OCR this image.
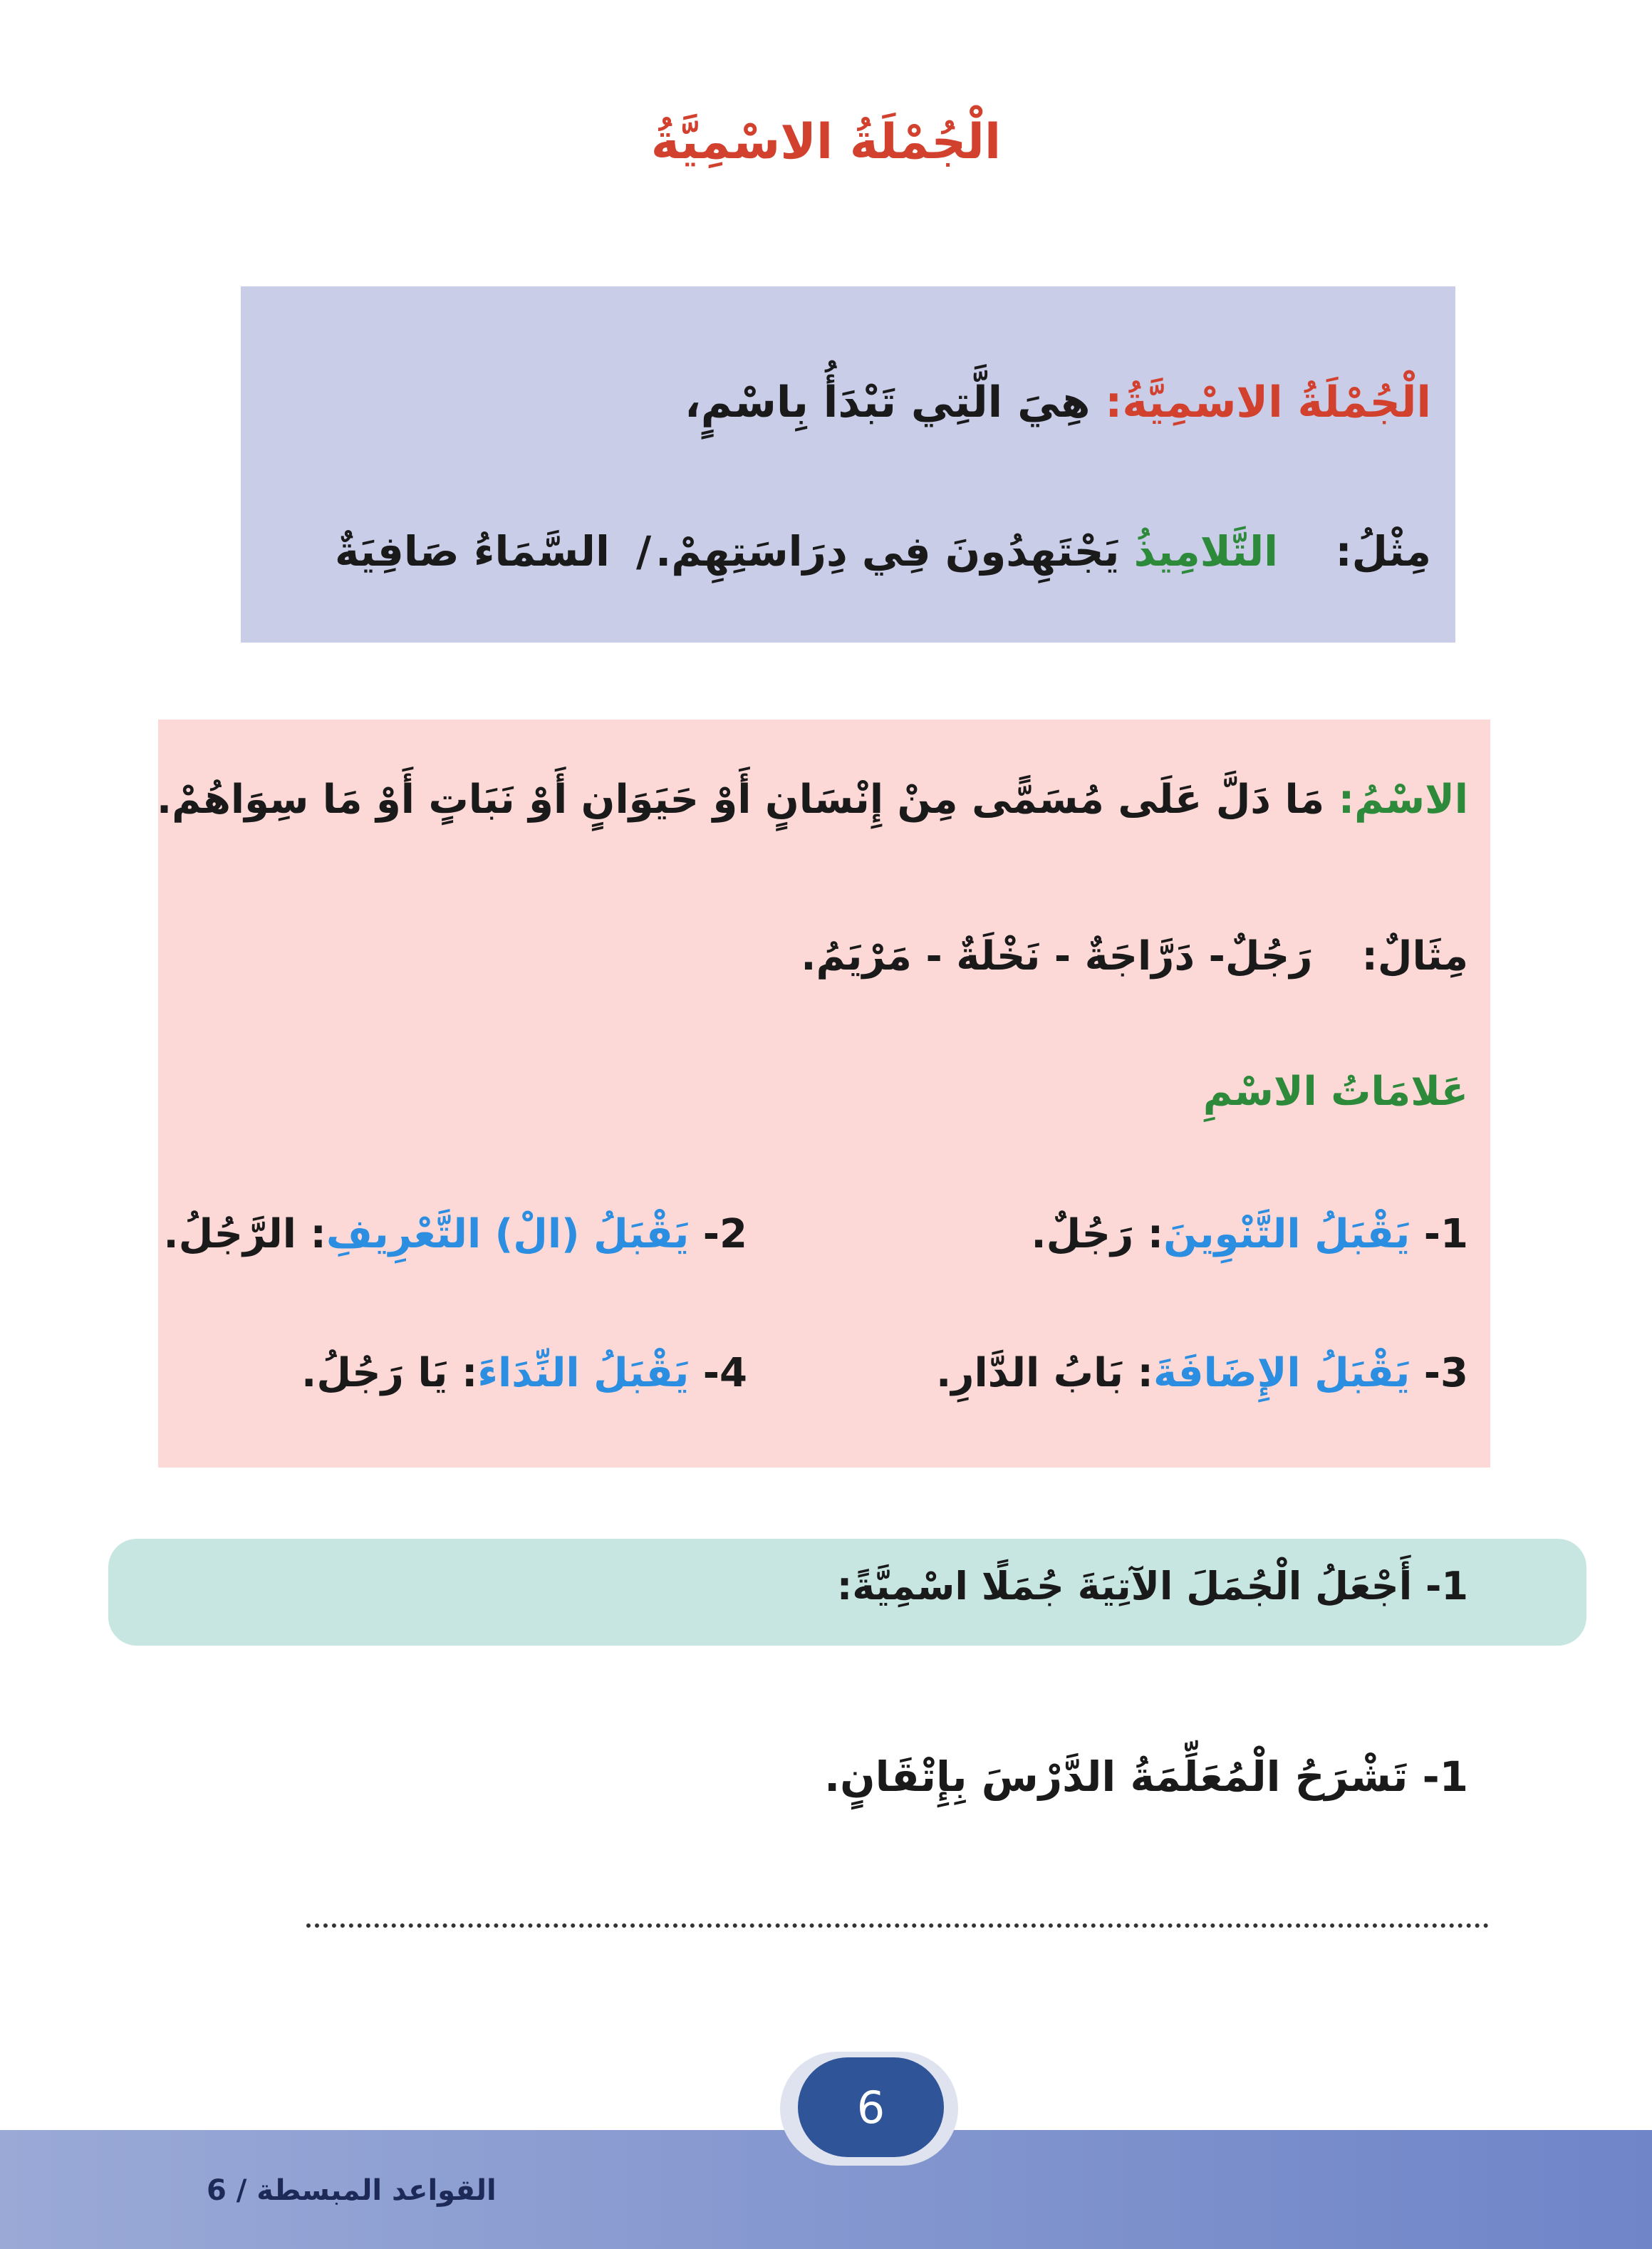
الْجُمْلَةُ الاسْمِيَّةُ
الْجُمْلَةُ الاسْمِيَّةُ: هِيَ الَّتِي تَبْدَأُ بِاسْمٍ،
مِثْلُ:  التَّلامِيذُ يَجْتَهِدُونَ فِي دِرَاسَتِهِمْ.
/
السَّمَاءُ صَافِيَةٌ
الاسْمُ: مَا دَلَّ عَلَى مُسَمًّى مِنْ إِنْسَانٍ أَوْ حَيَوَانٍ أَوْ نَبَاتٍ أَوْ مَا سِوَاهُمْ.
مِثَالٌ:  رَجُلٌ- دَرَّاجَةٌ - نَخْلَةٌ - مَرْيَمُ.
عَلامَاتُ الاسْمِ
1- يَقْبَلُ التَّنْوِينَ: رَجُلٌ.
2- يَقْبَلُ (الْ) التَّعْرِيفِ: الرَّجُلُ.
3- يَقْبَلُ الإِضَافَةَ: بَابُ الدَّارِ.
4- يَقْبَلُ النِّدَاءَ: يَا رَجُلُ.
1- أَجْعَلُ الْجُمَلَ الآتِيَةَ جُمَلًا اسْمِيَّةً:
1- تَشْرَحُ الْمُعَلِّمَةُ الدَّرْسَ بِإِتْقَانٍ.
6
القواعد المبسطة / 6
